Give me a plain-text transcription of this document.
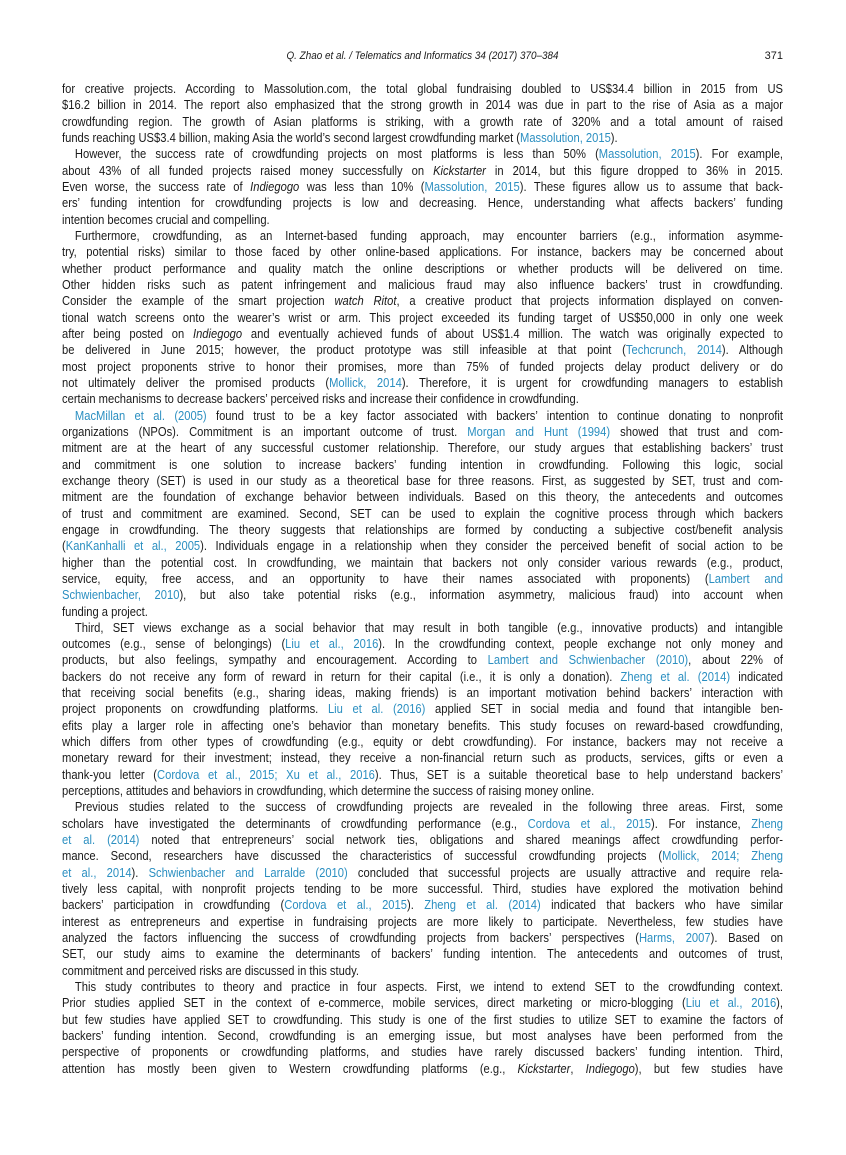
Q. Zhao et al. / Telematics and Informatics 34 (2017) 370–384	371
for creative projects. According to Massolution.com, the total global fundraising doubled to US$34.4 billion in 2015 from US
$16.2 billion in 2014. The report also emphasized that the strong growth in 2014 was due in part to the rise of Asia as a major
crowdfunding region. The growth of Asian platforms is striking, with a growth rate of 320% and a total amount of raised
funds reaching US$3.4 billion, making Asia the world’s second largest crowdfunding market (Massolution, 2015).
However, the success rate of crowdfunding projects on most platforms is less than 50% (Massolution, 2015). For example,
about 43% of all funded projects raised money successfully on Kickstarter in 2014, but this figure dropped to 36% in 2015.
Even worse, the success rate of Indiegogo was less than 10% (Massolution, 2015). These figures allow us to assume that back-
ers’ funding intention for crowdfunding projects is low and decreasing. Hence, understanding what affects backers’ funding
intention becomes crucial and compelling.
Furthermore, crowdfunding, as an Internet-based funding approach, may encounter barriers (e.g., information asymme-
try, potential risks) similar to those faced by other online-based applications. For instance, backers may be concerned about
whether product performance and quality match the online descriptions or whether products will be delivered on time.
Other hidden risks such as patent infringement and malicious fraud may also influence backers’ trust in crowdfunding.
Consider the example of the smart projection watch Ritot, a creative product that projects information displayed on conven-
tional watch screens onto the wearer’s wrist or arm. This project exceeded its funding target of US$50,000 in only one week
after being posted on Indiegogo and eventually achieved funds of about US$1.4 million. The watch was originally expected to
be delivered in June 2015; however, the product prototype was still infeasible at that point (Techcrunch, 2014). Although
most project proponents strive to honor their promises, more than 75% of funded projects delay product delivery or do
not ultimately deliver the promised products (Mollick, 2014). Therefore, it is urgent for crowdfunding managers to establish
certain mechanisms to decrease backers’ perceived risks and increase their confidence in crowdfunding.
MacMillan et al. (2005) found trust to be a key factor associated with backers’ intention to continue donating to nonprofit
organizations (NPOs). Commitment is an important outcome of trust. Morgan and Hunt (1994) showed that trust and com-
mitment are at the heart of any successful customer relationship. Therefore, our study argues that establishing backers’ trust
and commitment is one solution to increase backers’ funding intention in crowdfunding. Following this logic, social
exchange theory (SET) is used in our study as a theoretical base for three reasons. First, as suggested by SET, trust and com-
mitment are the foundation of exchange behavior between individuals. Based on this theory, the antecedents and outcomes
of trust and commitment are examined. Second, SET can be used to explain the cognitive process through which backers
engage in crowdfunding. The theory suggests that relationships are formed by conducting a subjective cost/benefit analysis
(KanKanhalli et al., 2005). Individuals engage in a relationship when they consider the perceived benefit of social action to be
higher than the potential cost. In crowdfunding, we maintain that backers not only consider various rewards (e.g., product,
service, equity, free access, and an opportunity to have their names associated with proponents) (Lambert and
Schwienbacher, 2010), but also take potential risks (e.g., information asymmetry, malicious fraud) into account when
funding a project.
Third, SET views exchange as a social behavior that may result in both tangible (e.g., innovative products) and intangible
outcomes (e.g., sense of belongings) (Liu et al., 2016). In the crowdfunding context, people exchange not only money and
products, but also feelings, sympathy and encouragement. According to Lambert and Schwienbacher (2010), about 22% of
backers do not receive any form of reward in return for their capital (i.e., it is only a donation). Zheng et al. (2014) indicated
that receiving social benefits (e.g., sharing ideas, making friends) is an important motivation behind backers’ interaction with
project proponents on crowdfunding platforms. Liu et al. (2016) applied SET in social media and found that intangible ben-
efits play a larger role in affecting one’s behavior than monetary benefits. This study focuses on reward-based crowdfunding,
which differs from other types of crowdfunding (e.g., equity or debt crowdfunding). For instance, backers may not receive a
monetary reward for their investment; instead, they receive a non-financial return such as products, services, gifts or even a
thank-you letter (Cordova et al., 2015; Xu et al., 2016). Thus, SET is a suitable theoretical base to help understand backers’
perceptions, attitudes and behaviors in crowdfunding, which determine the success of raising money online.
Previous studies related to the success of crowdfunding projects are revealed in the following three areas. First, some
scholars have investigated the determinants of crowdfunding performance (e.g., Cordova et al., 2015). For instance, Zheng
et al. (2014) noted that entrepreneurs’ social network ties, obligations and shared meanings affect crowdfunding perfor-
mance. Second, researchers have discussed the characteristics of successful crowdfunding projects (Mollick, 2014; Zheng
et al., 2014). Schwienbacher and Larralde (2010) concluded that successful projects are usually attractive and require rela-
tively less capital, with nonprofit projects tending to be more successful. Third, studies have explored the motivation behind
backers’ participation in crowdfunding (Cordova et al., 2015). Zheng et al. (2014) indicated that backers who have similar
interest as entrepreneurs and expertise in fundraising projects are more likely to participate. Nevertheless, few studies have
analyzed the factors influencing the success of crowdfunding projects from backers’ perspectives (Harms, 2007). Based on
SET, our study aims to examine the determinants of backers’ funding intention. The antecedents and outcomes of trust,
commitment and perceived risks are discussed in this study.
This study contributes to theory and practice in four aspects. First, we intend to extend SET to the crowdfunding context.
Prior studies applied SET in the context of e-commerce, mobile services, direct marketing or micro-blogging (Liu et al., 2016),
but few studies have applied SET to crowdfunding. This study is one of the first studies to utilize SET to examine the factors of
backers’ funding intention. Second, crowdfunding is an emerging issue, but most analyses have been performed from the
perspective of proponents or crowdfunding platforms, and studies have rarely discussed backers’ funding intention. Third,
attention has mostly been given to Western crowdfunding platforms (e.g., Kickstarter, Indiegogo), but few studies have
